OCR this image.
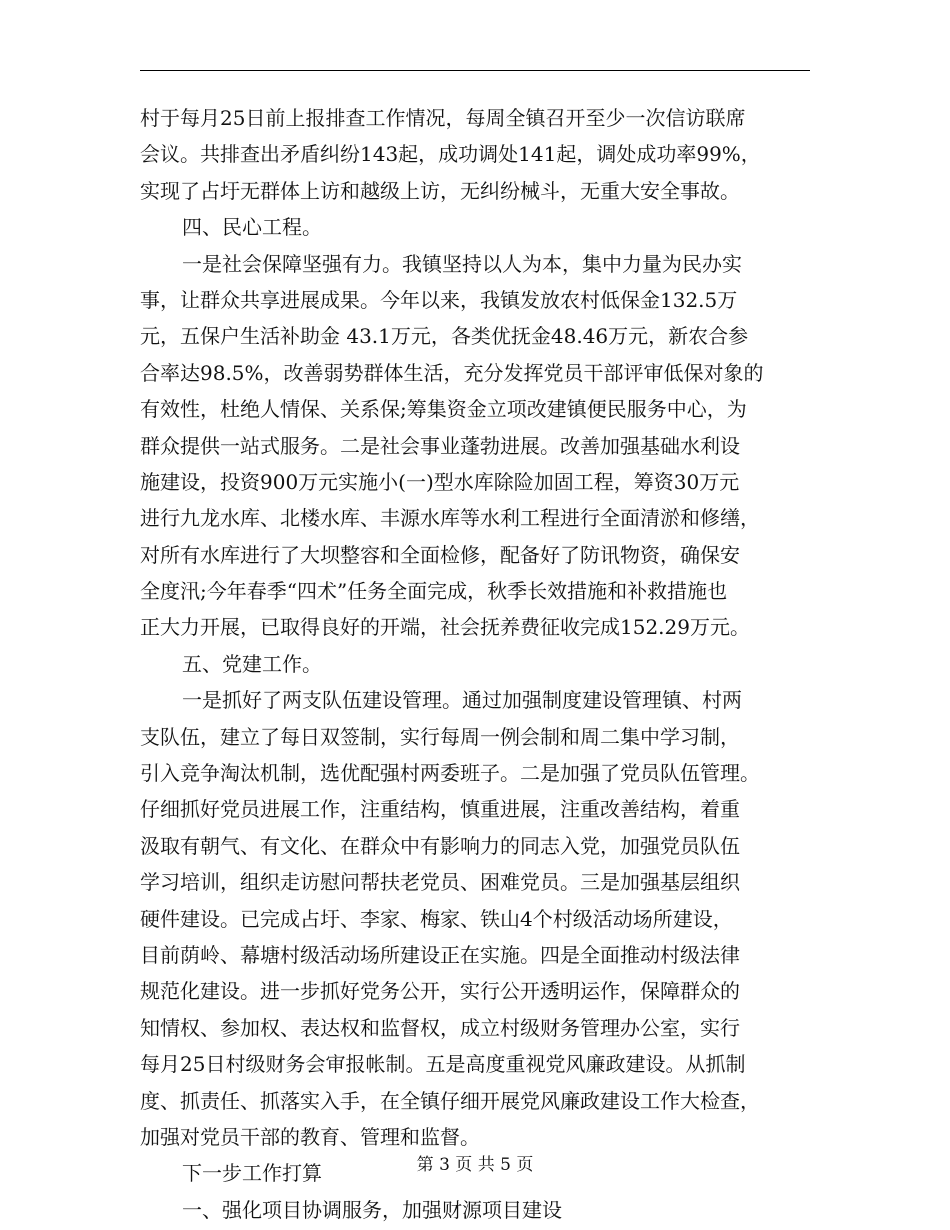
村于每月25日前上报排查工作情况，每周全镇召开至少一次信访联席
会议。共排查出矛盾纠纷143起，成功调处141起，调处成功率99%，
实现了占圩无群体上访和越级上访，无纠纷械斗，无重大安全事故。
四、民心工程。
一是社会保障坚强有力。我镇坚持以人为本，集中力量为民办实
事，让群众共享进展成果。今年以来，我镇发放农村低保金132.5万
元，五保户生活补助金 43.1万元，各类优抚金48.46万元，新农合参
合率达98.5%，改善弱势群体生活，充分发挥党员干部评审低保对象的
有效性，杜绝人情保、关系保;筹集资金立项改建镇便民服务中心，为
群众提供一站式服务。二是社会事业蓬勃进展。改善加强基础水利设
施建设，投资900万元实施小(一)型水库除险加固工程，筹资30万元
进行九龙水库、北楼水库、丰源水库等水利工程进行全面清淤和修缮，
对所有水库进行了大坝整容和全面检修，配备好了防讯物资，确保安
全度汛;今年春季“四术”任务全面完成，秋季长效措施和补救措施也
正大力开展，已取得良好的开端，社会抚养费征收完成152.29万元。
五、党建工作。
一是抓好了两支队伍建设管理。通过加强制度建设管理镇、村两
支队伍，建立了每日双签制，实行每周一例会制和周二集中学习制，
引入竞争淘汰机制，选优配强村两委班子。二是加强了党员队伍管理。
仔细抓好党员进展工作，注重结构，慎重进展，注重改善结构，着重
汲取有朝气、有文化、在群众中有影响力的同志入党，加强党员队伍
学习培训，组织走访慰问帮扶老党员、困难党员。三是加强基层组织
硬件建设。已完成占圩、李家、梅家、铁山4个村级活动场所建设，
目前荫岭、幕塘村级活动场所建设正在实施。四是全面推动村级法律
规范化建设。进一步抓好党务公开，实行公开透明运作，保障群众的
知情权、参加权、表达权和监督权，成立村级财务管理办公室，实行
每月25日村级财务会审报帐制。五是高度重视党风廉政建设。从抓制
度、抓责任、抓落实入手，在全镇仔细开展党风廉政建设工作大检查，
加强对党员干部的教育、管理和监督。
下一步工作打算
一、强化项目协调服务，加强财源项目建设
第 3 页 共 5 页
